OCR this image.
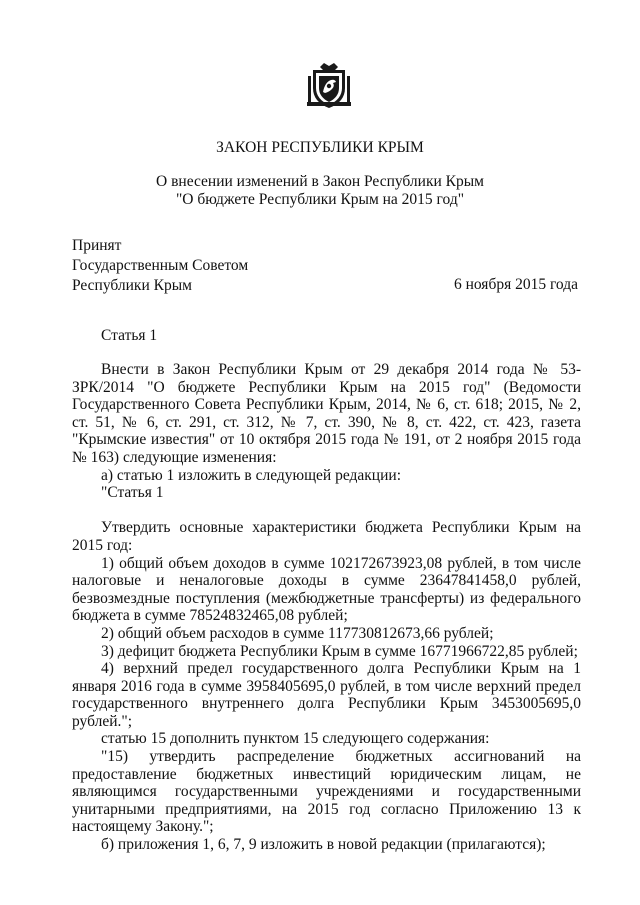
ЗАКОН РЕСПУБЛИКИ КРЫМ
О внесении изменений в Закон Республики Крым
"О бюджете Республики Крым на 2015 год"
Принят
Государственным Советом
Республики Крым	6 ноября 2015 года
Статья 1

Внести в Закон Республики Крым от 29 декабря 2014 года № 53-ЗРК/2014 "О бюджете Республики Крым на 2015 год" (Ведомости Государственного Совета Республики Крым, 2014, № 6, ст. 618; 2015, № 2, ст. 51, № 6, ст. 291, ст. 312, № 7, ст. 390, № 8, ст. 422, ст. 423, газета "Крымские известия" от 10 октября 2015 года № 191, от 2 ноября 2015 года № 163) следующие изменения:

а) статью 1 изложить в следующей редакции:

"Статья 1

Утвердить основные характеристики бюджета Республики Крым на 2015 год:

1) общий объем доходов в сумме 102172673923,08 рублей, в том числе налоговые и неналоговые доходы в сумме 23647841458,0 рублей, безвозмездные поступления (межбюджетные трансферты) из федерального бюджета в сумме 78524832465,08 рублей;

2) общий объем расходов в сумме 117730812673,66 рублей;

3) дефицит бюджета Республики Крым в сумме 16771966722,85 рублей;

4) верхний предел государственного долга Республики Крым на 1 января 2016 года в сумме 3958405695,0 рублей, в том числе верхний предел государственного внутреннего долга Республики Крым 3453005695,0 рублей.";

статью 15 дополнить пунктом 15 следующего содержания:

"15) утвердить распределение бюджетных ассигнований на предоставление бюджетных инвестиций юридическим лицам, не являющимся государственными учреждениями и государственными унитарными предприятиями, на 2015 год согласно Приложению 13 к настоящему Закону.";

б) приложения 1, 6, 7, 9 изложить в новой редакции (прилагаются);
